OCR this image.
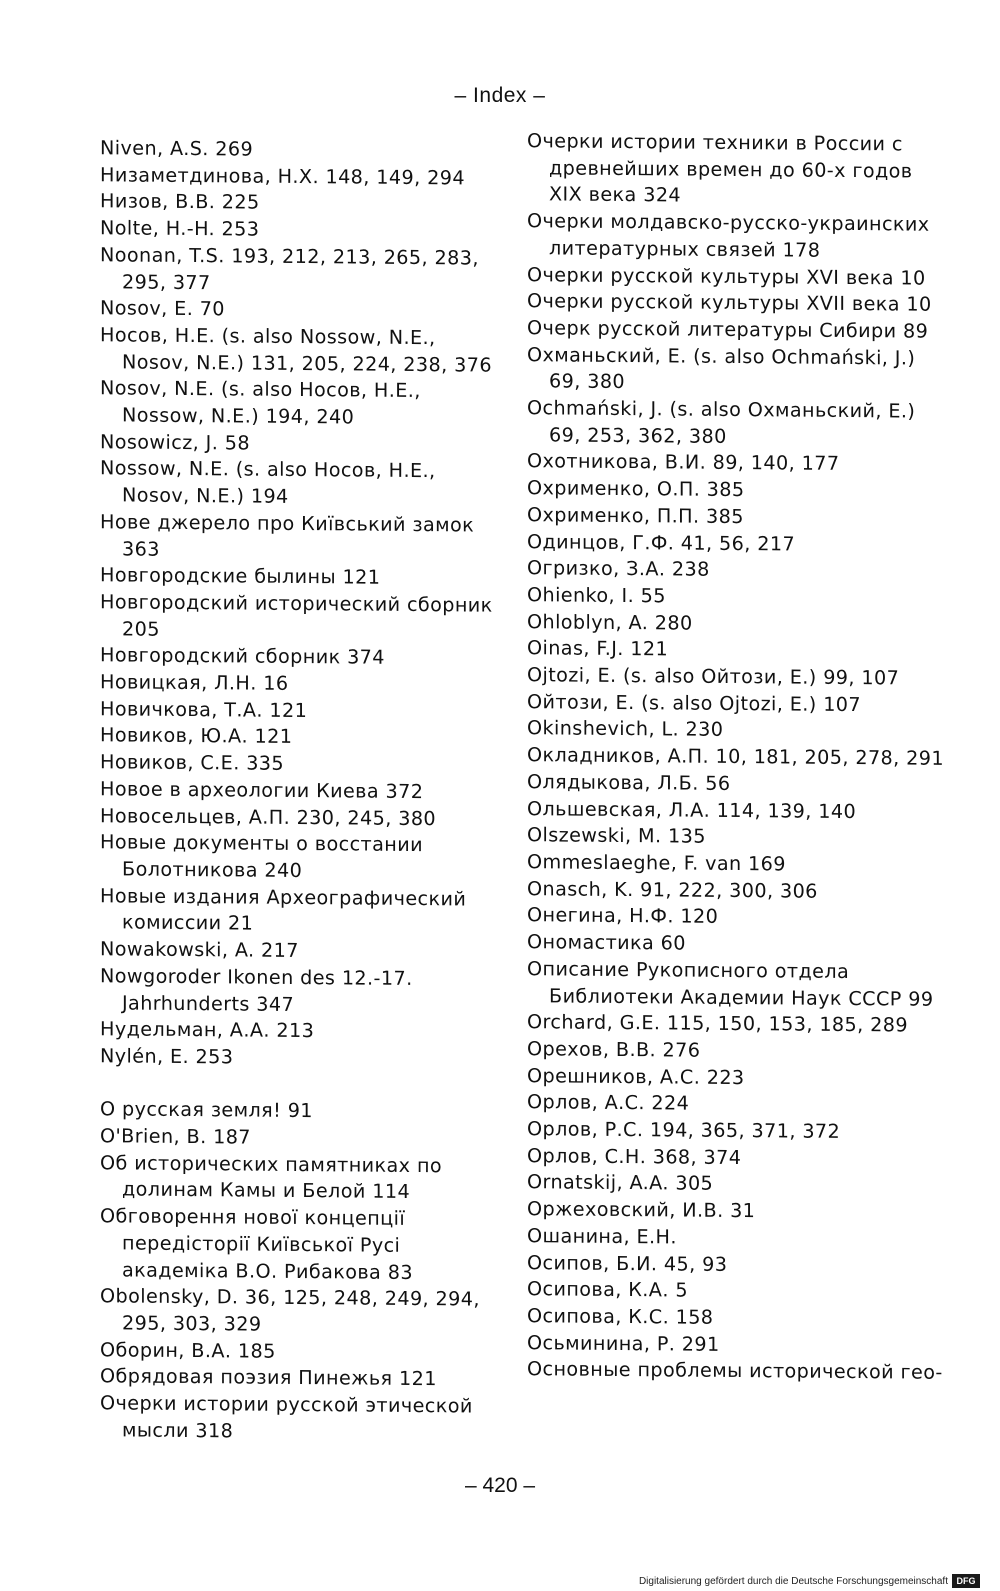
– Index –
Niven, A.S. 269
Низаметдинова, Н.Х. 148, 149, 294
Низов, В.В. 225
Nolte, H.-H. 253
Noonan, T.S. 193, 212, 213, 265, 283, 295, 377
Nosov, E. 70
Носов, Н.Е. (s. also Nossow, N.E., Nosov, N.E.) 131, 205, 224, 238, 376
Nosov, N.E. (s. also Носов, Н.Е., Nossow, N.E.) 194, 240
Nosowicz, J. 58
Nossow, N.E. (s. also Носов, Н.Е., Nosov, N.E.) 194
Нове джерело про Київський замок 363
Новгородские былины 121
Новгородский исторический сборник 205
Новгородский сборник 374
Новицкая, Л.Н. 16
Новичкова, Т.А. 121
Новиков, Ю.А. 121
Новиков, С.Е. 335
Новое в археологии Киева 372
Новосельцев, А.П. 230, 245, 380
Новые документы о восстании Болотникова 240
Новые издания Археографический комиссии 21
Nowakowski, A. 217
Nowgoroder Ikonen des 12.-17. Jahrhunderts 347
Нудельман, А.А. 213
Nylén, E. 253
О русская земля! 91
O'Brien, B. 187
Об исторических памятниках по долинам Камы и Белой 114
Обговорення нової концепції передісторії Київської Русі академіка В.О. Рибакова 83
Obolensky, D. 36, 125, 248, 249, 294, 295, 303, 329
Оборин, В.А. 185
Обрядовая поэзия Пинежья 121
Очерки истории русской этической мысли 318
Очерки истории техники в России с древнейших времен до 60-х годов XIX века 324
Очерки молдавско-русско-украинских литературных связей 178
Очерки русской культуры XVI века 10
Очерки русской культуры XVII века 10
Очерк русской литературы Сибири 89
Охманьский, Е. (s. also Ochmański, J.) 69, 380
Ochmański, J. (s. also Охманьский, Е.) 69, 253, 362, 380
Охотникова, В.И. 89, 140, 177
Охрименко, О.П. 385
Охрименко, П.П. 385
Одинцов, Г.Ф. 41, 56, 217
Огризко, З.А. 238
Ohienko, I. 55
Ohloblyn, A. 280
Oinas, F.J. 121
Ojtozi, E. (s. also Ойтози, Е.) 99, 107
Ойтози, Е. (s. also Ojtozi, E.) 107
Okinshevich, L. 230
Окладников, А.П. 10, 181, 205, 278, 291
Олядыкова, Л.Б. 56
Ольшевская, Л.А. 114, 139, 140
Olszewski, M. 135
Ommeslaeghe, F. van 169
Onasch, K. 91, 222, 300, 306
Онегина, Н.Ф. 120
Ономастика 60
Описание Рукописного отдела Библиотеки Академии Наук СССР 99
Orchard, G.E. 115, 150, 153, 185, 289
Орехов, В.В. 276
Орешников, А.С. 223
Орлов, А.С. 224
Орлов, Р.С. 194, 365, 371, 372
Орлов, С.Н. 368, 374
Ornatskij, A.A. 305
Оржеховский, И.В. 31
Ошанина, Е.Н.
Осипов, Б.И. 45, 93
Осипова, К.А. 5
Осипова, К.С. 158
Осьминина, Р. 291
Основные проблемы исторической гео-
– 420 –
Digitalisierung gefördert durch die Deutsche Forschungsgemeinschaft DFG
